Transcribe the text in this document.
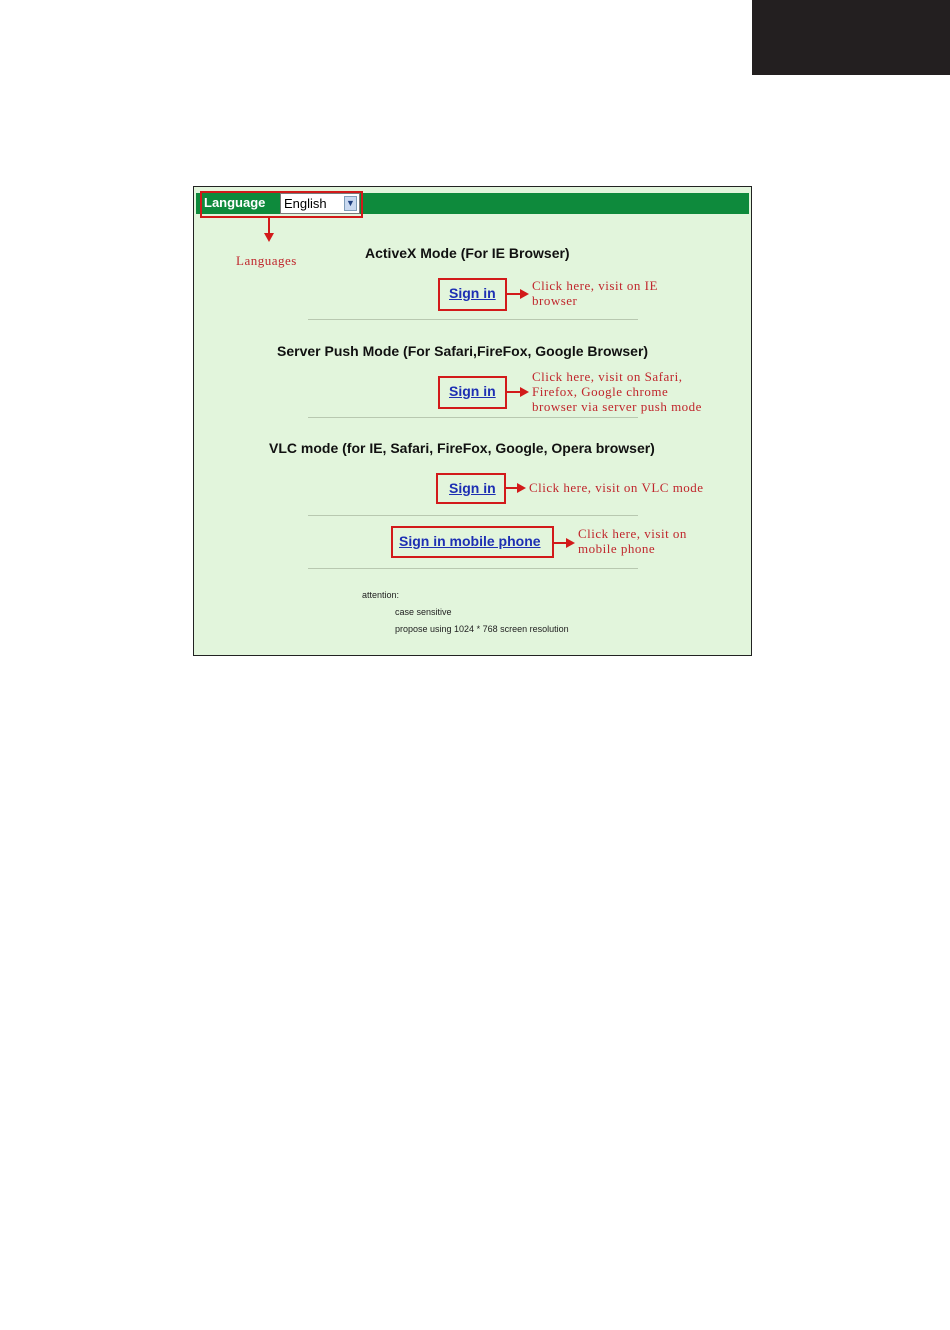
Language	English ▼
Languages	ActiveX Mode (For IE Browser)
Sign in	Click here, visit on IE
browser
Server Push Mode (For Safari,FireFox, Google Browser)
Sign in
Click here, visit on Safari,
Firefox, Google chrome
browser via server push mode
VLC mode (for IE, Safari, FireFox, Google, Opera browser)
Sign in	Click here, visit on VLC mode
Sign in mobile phone	Click here, visit on
mobile phone
attention:
case sensitive
propose using 1024 * 768 screen resolution
